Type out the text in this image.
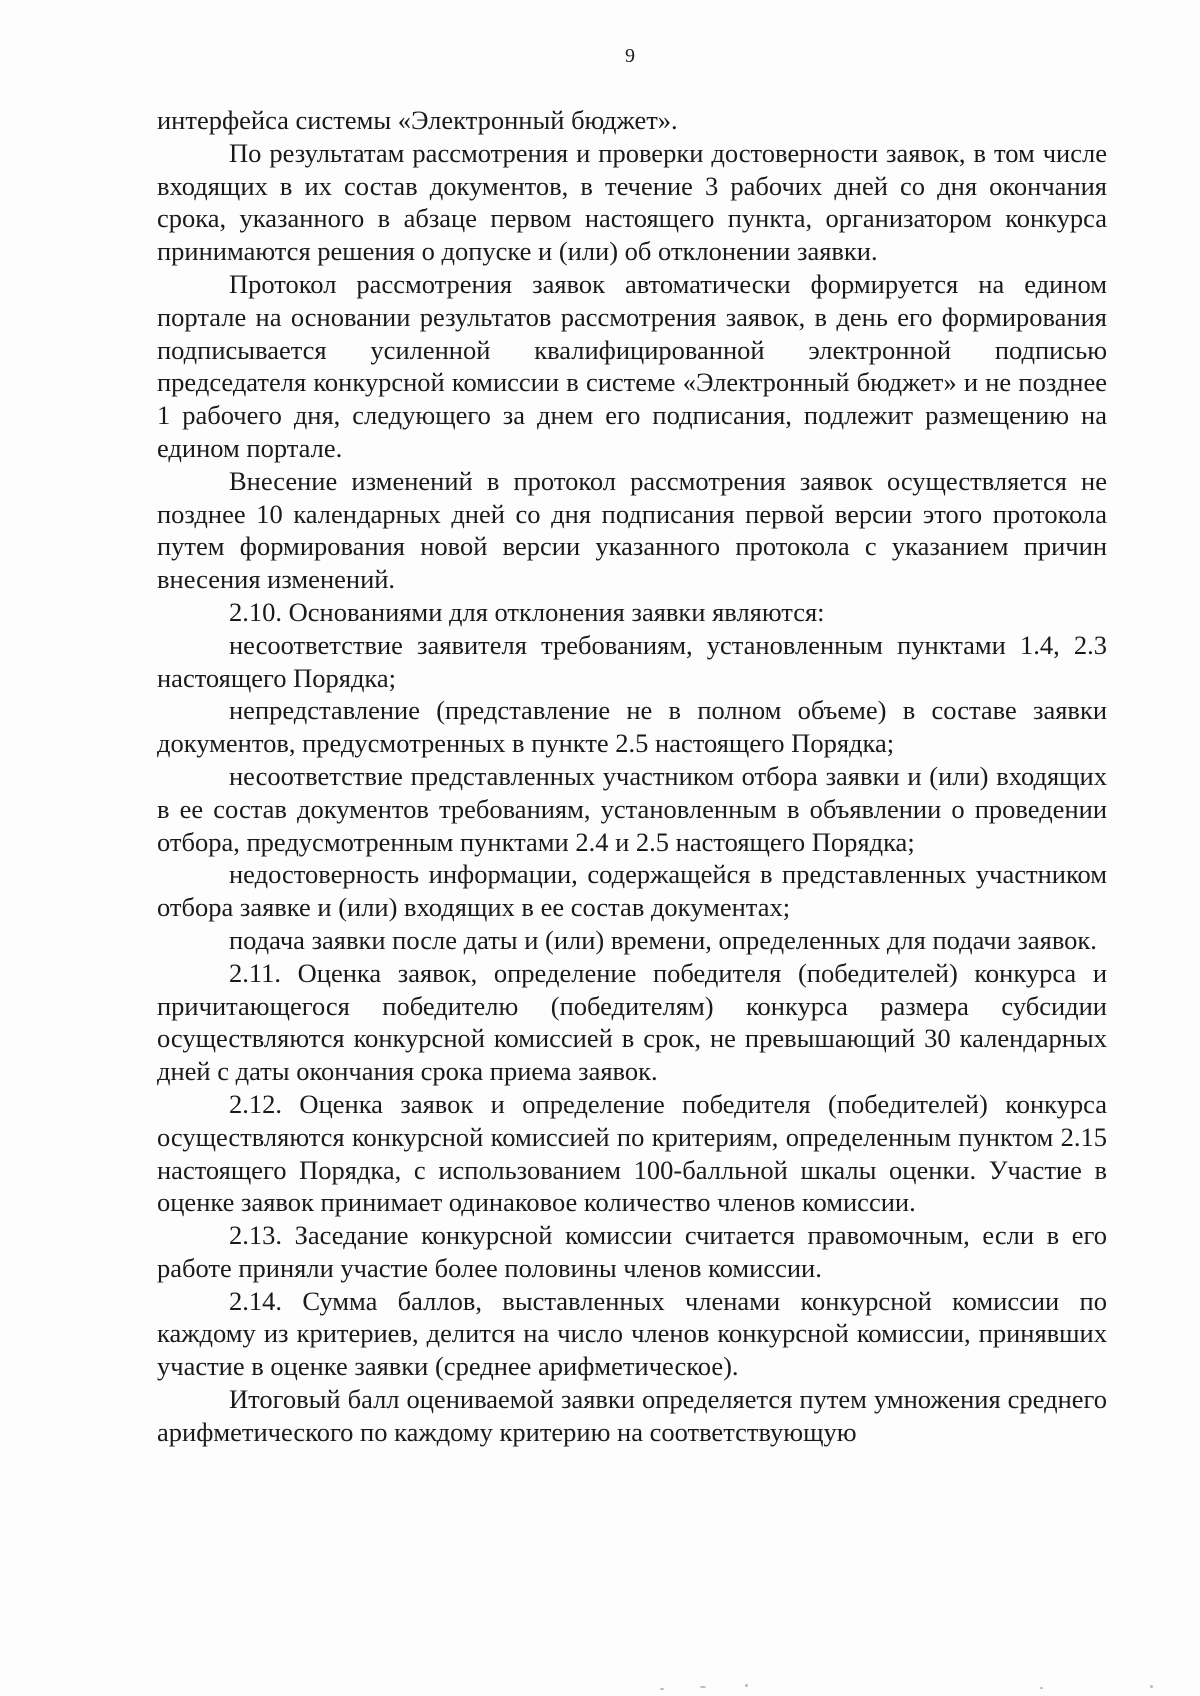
9

интерфейса системы «Электронный бюджет».

По результатам рассмотрения и проверки достоверности заявок, в том числе входящих в их состав документов, в течение 3 рабочих дней со дня окончания срока, указанного в абзаце первом настоящего пункта, организатором конкурса принимаются решения о допуске и (или) об отклонении заявки.

Протокол рассмотрения заявок автоматически формируется на едином портале на основании результатов рассмотрения заявок, в день его формирования подписывается усиленной квалифицированной электронной подписью председателя конкурсной комиссии в системе «Электронный бюджет» и не позднее 1 рабочего дня, следующего за днем его подписания, подлежит размещению на едином портале.

Внесение изменений в протокол рассмотрения заявок осуществляется не позднее 10 календарных дней со дня подписания первой версии этого протокола путем формирования новой версии указанного протокола с указанием причин внесения изменений.

2.10. Основаниями для отклонения заявки являются:

несоответствие заявителя требованиям, установленным пунктами 1.4, 2.3 настоящего Порядка;

непредставление (представление не в полном объеме) в составе заявки документов, предусмотренных в пункте 2.5 настоящего Порядка;

несоответствие представленных участником отбора заявки и (или) входящих в ее состав документов требованиям, установленным в объявлении о проведении отбора, предусмотренным пунктами 2.4 и 2.5 настоящего Порядка;

недостоверность информации, содержащейся в представленных участником отбора заявке и (или) входящих в ее состав документах;

подача заявки после даты и (или) времени, определенных для подачи заявок.

2.11. Оценка заявок, определение победителя (победителей) конкурса и причитающегося победителю (победителям) конкурса размера субсидии осуществляются конкурсной комиссией в срок, не превышающий 30 календарных дней с даты окончания срока приема заявок.

2.12. Оценка заявок и определение победителя (победителей) конкурса осуществляются конкурсной комиссией по критериям, определенным пунктом 2.15 настоящего Порядка, с использованием 100-балльной шкалы оценки. Участие в оценке заявок принимает одинаковое количество членов комиссии.

2.13. Заседание конкурсной комиссии считается правомочным, если в его работе приняли участие более половины членов комиссии.

2.14. Сумма баллов, выставленных членами конкурсной комиссии по каждому из критериев, делится на число членов конкурсной комиссии, принявших участие в оценке заявки (среднее арифметическое).

Итоговый балл оцениваемой заявки определяется путем умножения среднего арифметического по каждому критерию на соответствующую
